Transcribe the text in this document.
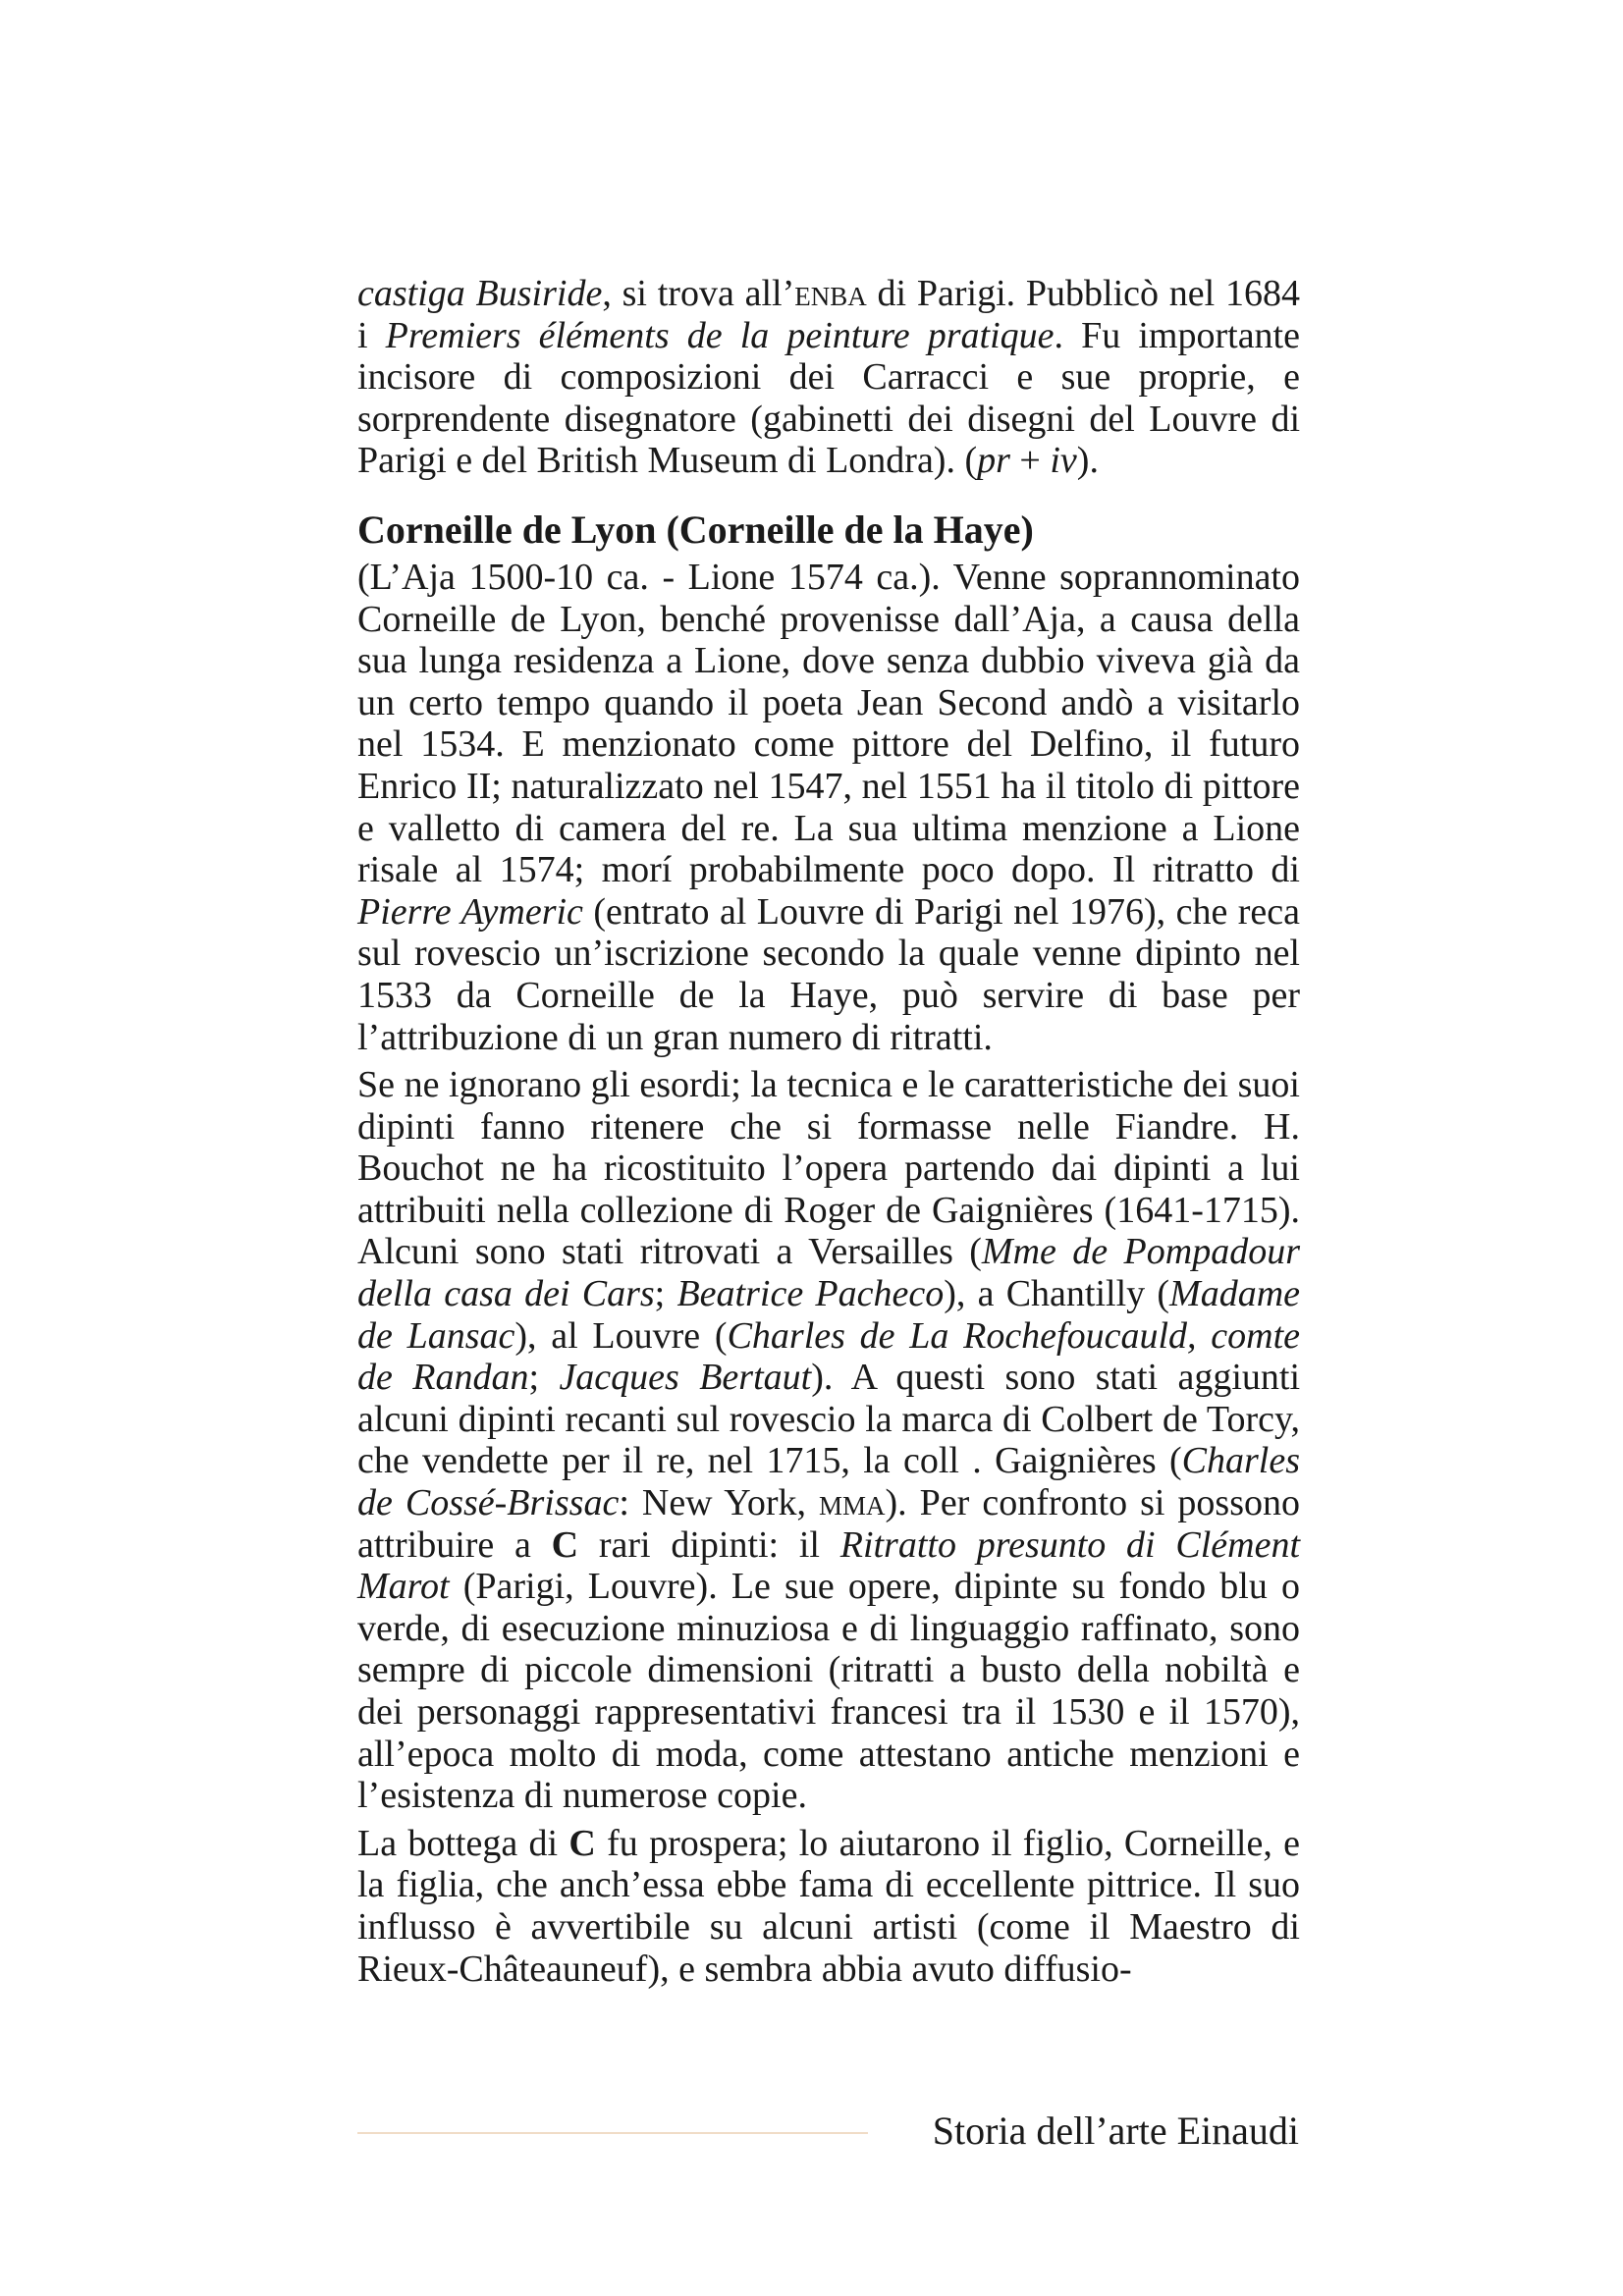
castiga Busiride, si trova all’enba di Parigi. Pubblicò nel 1684 i Premiers éléments de la peinture pratique. Fu importante incisore di composizioni dei Carracci e sue proprie, e sorprendente disegnatore (gabinetti dei disegni del Louvre di Parigi e del British Museum di Londra). (pr + iv).

Corneille de Lyon (Corneille de la Haye)

(L’Aja 1500-10 ca. - Lione 1574 ca.). Venne soprannominato Corneille de Lyon, benché provenisse dall’Aja, a causa della sua lunga residenza a Lione, dove senza dubbio viveva già da un certo tempo quando il poeta Jean Second andò a visitarlo nel 1534. E menzionato come pittore del Delfino, il futuro Enrico II; naturalizzato nel 1547, nel 1551 ha il titolo di pittore e valletto di camera del re. La sua ultima menzione a Lione risale al 1574; morí probabilmente poco dopo. Il ritratto di Pierre Aymeric (entrato al Louvre di Parigi nel 1976), che reca sul rovescio un’iscrizione secondo la quale venne dipinto nel 1533 da Corneille de la Haye, può servire di base per l’attribuzione di un gran numero di ritratti.

Se ne ignorano gli esordi; la tecnica e le caratteristiche dei suoi dipinti fanno ritenere che si formasse nelle Fiandre. H. Bouchot ne ha ricostituito l’opera partendo dai dipinti a lui attribuiti nella collezione di Roger de Gaignières (1641-1715). Alcuni sono stati ritrovati a Versailles (Mme de Pompadour della casa dei Cars; Beatrice Pacheco), a Chantilly (Madame de Lansac), al Louvre (Charles de La Rochefoucauld, comte de Randan; Jacques Bertaut). A questi sono stati aggiunti alcuni dipinti recanti sul rovescio la marca di Colbert de Torcy, che vendette per il re, nel 1715, la coll . Gaignières (Charles de Cossé-Brissac: New York, mma). Per confronto si possono attribuire a C rari dipinti: il Ritratto presunto di Clément Marot (Parigi, Louvre). Le sue opere, dipinte su fondo blu o verde, di esecuzione minuziosa e di linguaggio raffinato, sono sempre di piccole dimensioni (ritratti a busto della nobiltà e dei personaggi rappresentativi francesi tra il 1530 e il 1570), all’epoca molto di moda, come attestano antiche menzioni e l’esistenza di numerose copie.

La bottega di C fu prospera; lo aiutarono il figlio, Corneille, e la figlia, che anch’essa ebbe fama di eccellente pittrice. Il suo influsso è avvertibile su alcuni artisti (come il Maestro di Rieux-Châteauneuf), e sembra abbia avuto diffusio-

Storia dell’arte Einaudi
